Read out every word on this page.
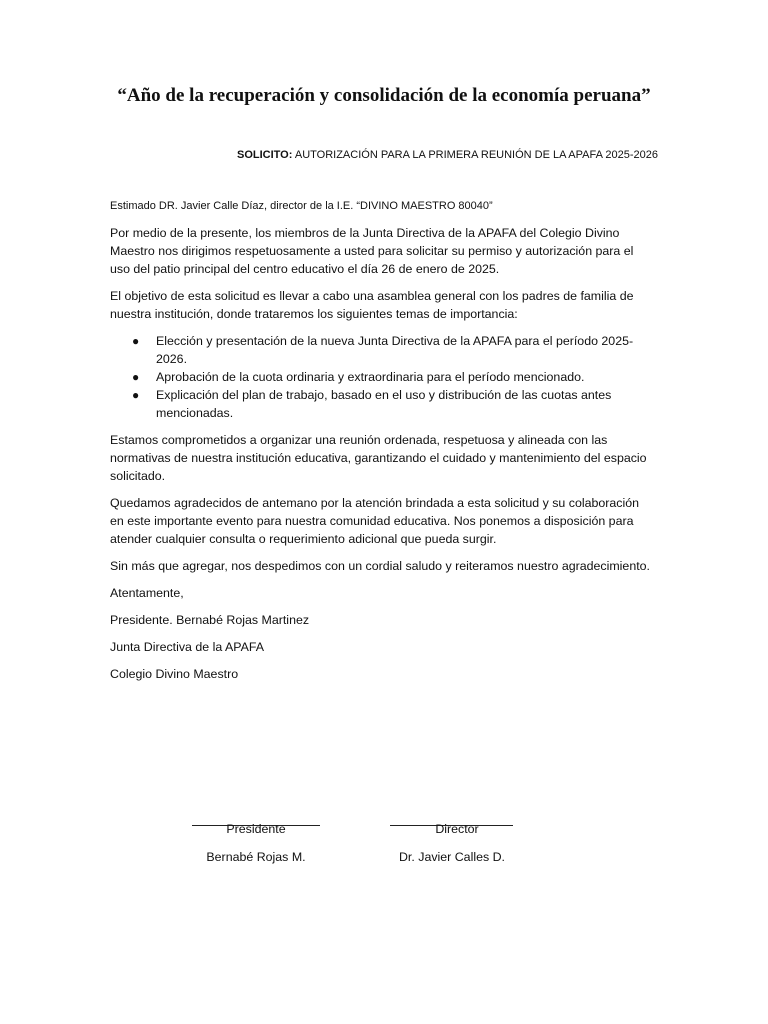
“Año de la recuperación y consolidación de la economía peruana”
SOLICITO: AUTORIZACIÓN PARA LA PRIMERA REUNIÓN DE LA APAFA 2025-2026
Estimado DR. Javier Calle Díaz, director de la I.E. “DIVINO MAESTRO 80040”

Por medio de la presente, los miembros de la Junta Directiva de la APAFA del Colegio Divino Maestro nos dirigimos respetuosamente a usted para solicitar su permiso y autorización para el uso del patio principal del centro educativo el día 26 de enero de 2025.

El objetivo de esta solicitud es llevar a cabo una asamblea general con los padres de familia de nuestra institución, donde trataremos los siguientes temas de importancia:

● Elección y presentación de la nueva Junta Directiva de la APAFA para el período 2025-2026.
● Aprobación de la cuota ordinaria y extraordinaria para el período mencionado.
● Explicación del plan de trabajo, basado en el uso y distribución de las cuotas antes mencionadas.

Estamos comprometidos a organizar una reunión ordenada, respetuosa y alineada con las normativas de nuestra institución educativa, garantizando el cuidado y mantenimiento del espacio solicitado.

Quedamos agradecidos de antemano por la atención brindada a esta solicitud y su colaboración en este importante evento para nuestra comunidad educativa. Nos ponemos a disposición para atender cualquier consulta o requerimiento adicional que pueda surgir.

Sin más que agregar, nos despedimos con un cordial saludo y reiteramos nuestro agradecimiento.

Atentamente,

Presidente. Bernabé Rojas Martinez

Junta Directiva de la APAFA

Colegio Divino Maestro

Presidente
Bernabé Rojas M.
Director
Dr. Javier Calles D.
